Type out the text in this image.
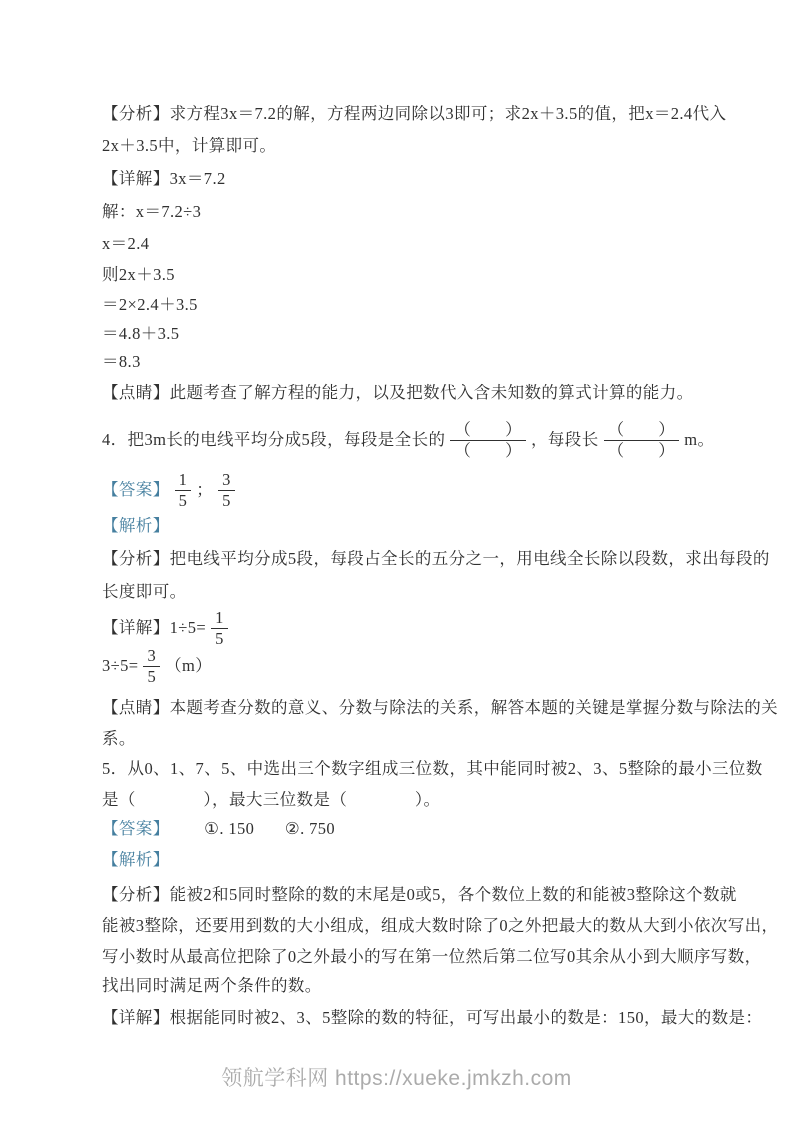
【分析】求方程3x＝7.2的解，方程两边同除以3即可；求2x＋3.5的值，把x＝2.4代入
2x＋3.5中，计算即可。
【详解】3x＝7.2
解：x＝7.2÷3
x＝2.4
则2x＋3.5
＝2×2.4＋3.5
＝4.8＋3.5
＝8.3
【点睛】此题考查了解方程的能力，以及把数代入含未知数的算式计算的能力。
4．把3m长的电线平均分成5段，每段是全长的 $\frac{( )}{( )}$ ，每段长 $\frac{( )}{( )}$ m。
【答案】 $\frac{1}{5}$ ； $\frac{3}{5}$
【解析】
【分析】把电线平均分成5段，每段占全长的五分之一，用电线全长除以段数，求出每段的
长度即可。
【详解】 $1\div 5= \frac{1}{5}$
$3\div 5= \frac{3}{5} (m)$
【点睛】本题考查分数的意义、分数与除法的关系，解答本题的关键是掌握分数与除法的关
系。
5．从0、1、7、5、中选出三个数字组成三位数，其中能同时被2、3、5整除的最小三位数
是（　　　　），最大三位数是（　　　　）。
【答案】 ①. 150 ②. 750
【解析】
【分析】能被2和5同时整除的数的末尾是0或5，各个数位上数的和能被3整除这个数就
能被3整除，还要用到数的大小组成，组成大数时除了0之外把最大的数从大到小依次写出，
写小数时从最高位把除了0之外最小的写在第一位然后第二位写0其余从小到大顺序写数，
找出同时满足两个条件的数。
【详解】根据能同时被2、3、5整除的数的特征，可写出最小的数是：150，最大的数是：
领航学科网 https://xueke.jmkzh.com
